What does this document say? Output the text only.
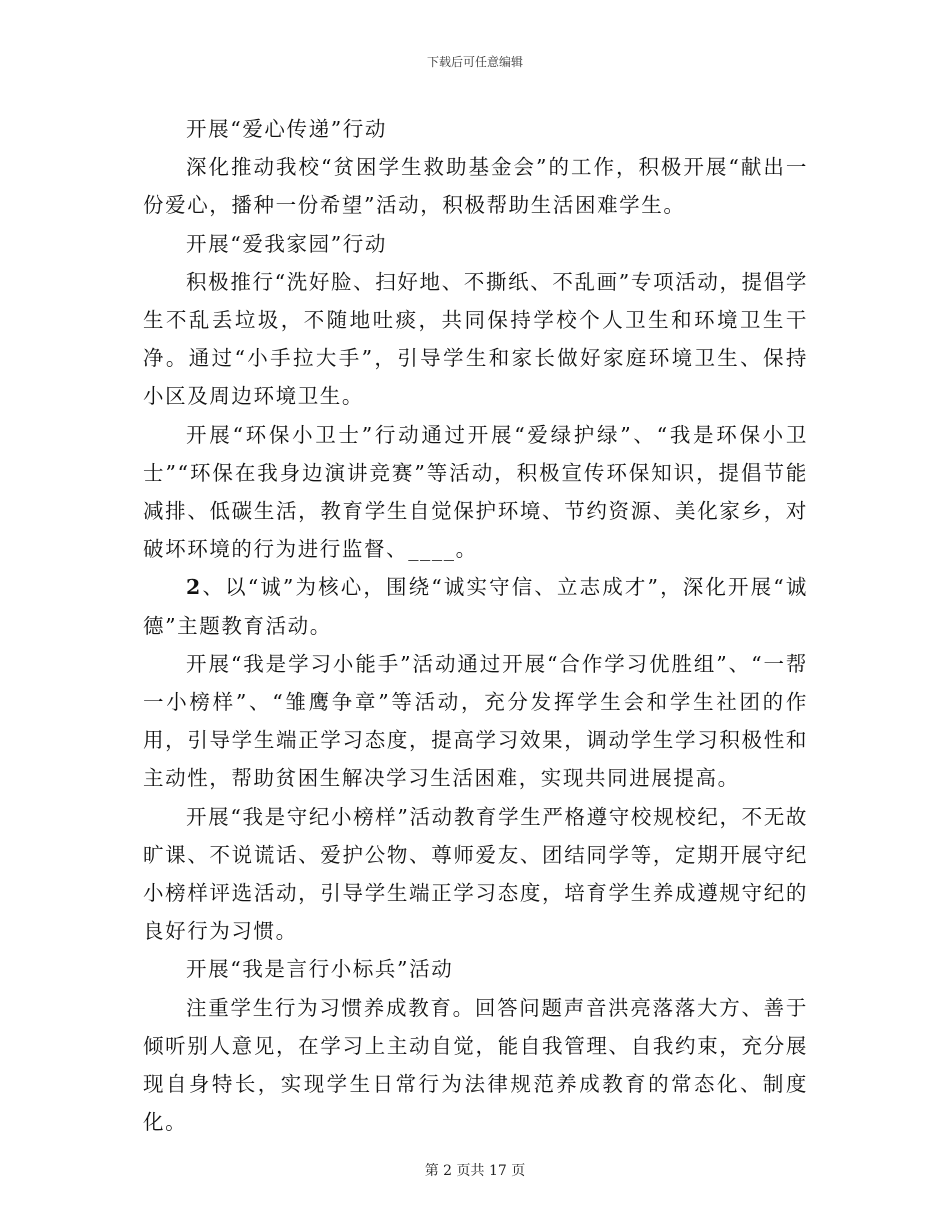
下载后可任意编辑

开展“爱心传递”行动

深化推动我校“贫困学生救助基金会”的工作，积极开展“献出一份爱心，播种一份希望”活动，积极帮助生活困难学生。

开展“爱我家园”行动

积极推行“洗好脸、扫好地、不撕纸、不乱画”专项活动，提倡学生不乱丢垃圾，不随地吐痰，共同保持学校个人卫生和环境卫生干净。通过“小手拉大手”，引导学生和家长做好家庭环境卫生、保持小区及周边环境卫生。

开展“环保小卫士”行动通过开展“爱绿护绿”、“我是环保小卫士”“环保在我身边演讲竞赛”等活动，积极宣传环保知识，提倡节能减排、低碳生活，教育学生自觉保护环境、节约资源、美化家乡，对破坏环境的行为进行监督、____。

2、以“诚”为核心，围绕“诚实守信、立志成才”，深化开展“诚德”主题教育活动。

开展“我是学习小能手”活动通过开展“合作学习优胜组”、“一帮一小榜样”、“雏鹰争章”等活动，充分发挥学生会和学生社团的作用，引导学生端正学习态度，提高学习效果，调动学生学习积极性和主动性，帮助贫困生解决学习生活困难，实现共同进展提高。

开展“我是守纪小榜样”活动教育学生严格遵守校规校纪，不无故旷课、不说谎话、爱护公物、尊师爱友、团结同学等，定期开展守纪小榜样评选活动，引导学生端正学习态度，培育学生养成遵规守纪的良好行为习惯。

开展“我是言行小标兵”活动

注重学生行为习惯养成教育。回答问题声音洪亮落落大方、善于倾听别人意见，在学习上主动自觉，能自我管理、自我约束，充分展现自身特长，实现学生日常行为法律规范养成教育的常态化、制度化。

第 2 页共 17 页
